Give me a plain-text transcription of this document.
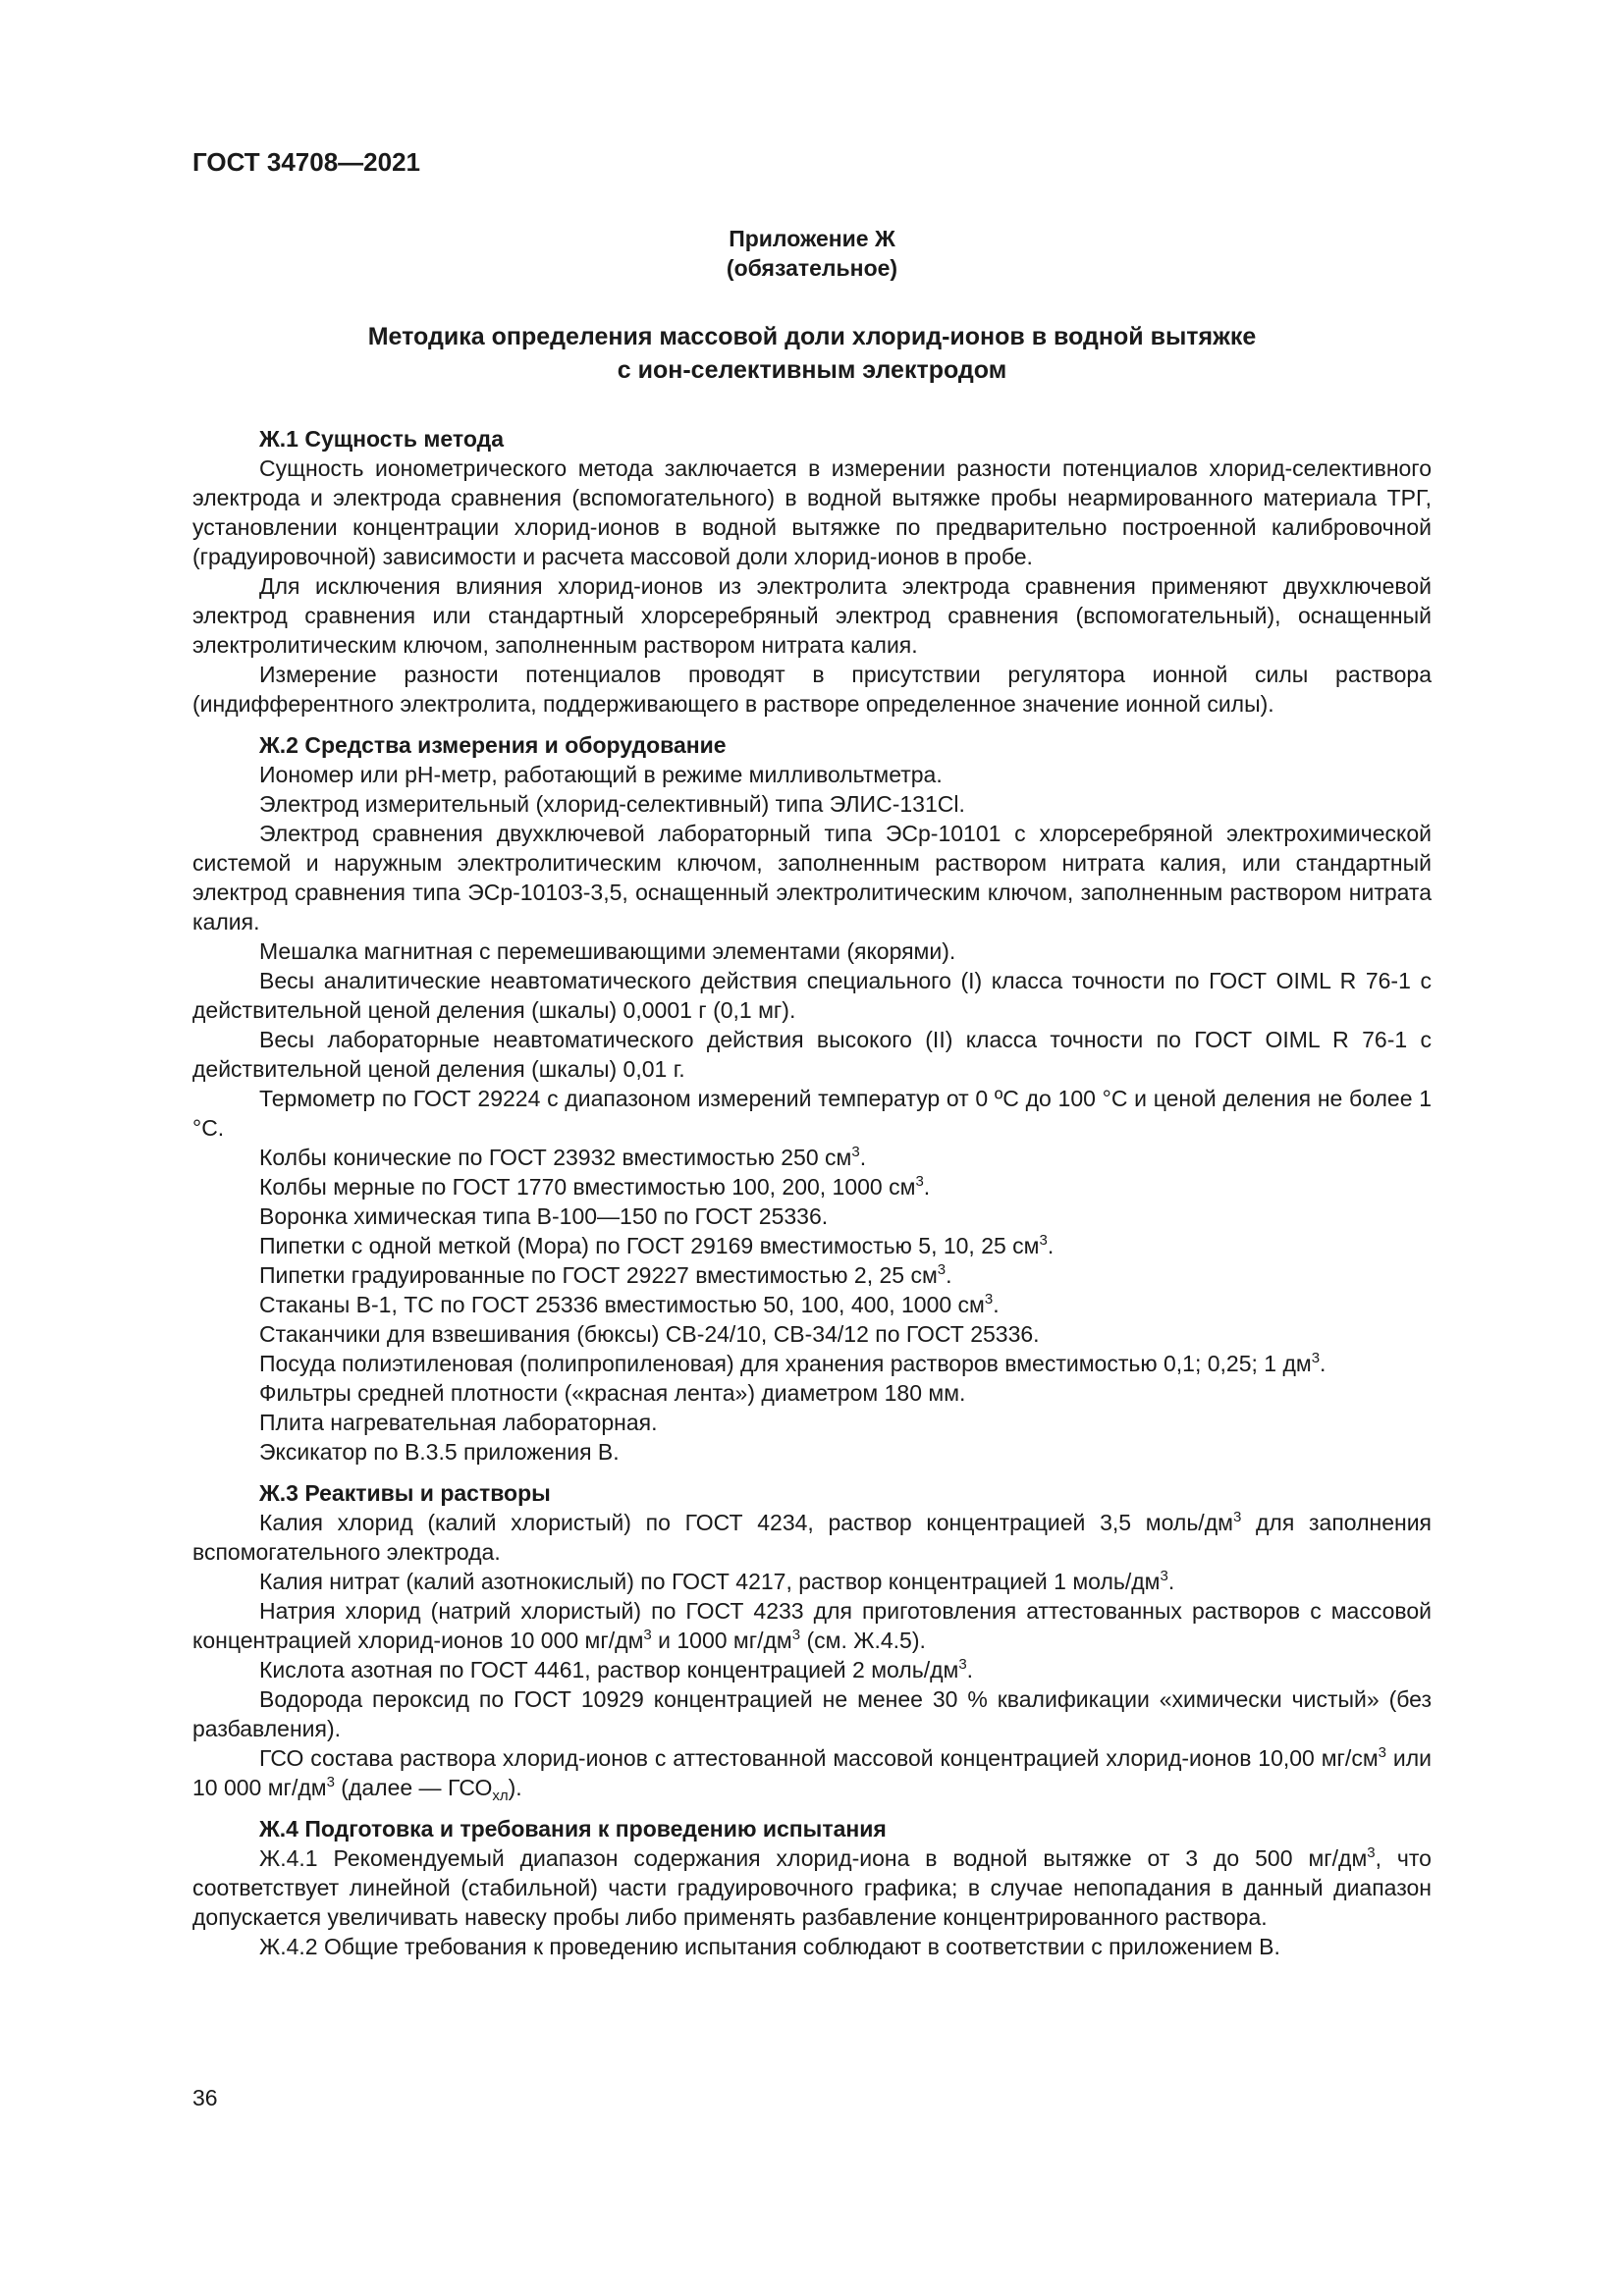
ГОСТ 34708—2021
Приложение Ж
(обязательное)
Методика определения массовой доли хлорид-ионов в водной вытяжке
с ион-селективным электродом
Ж.1 Сущность метода

Сущность ионометрического метода заключается в измерении разности потенциалов хлорид-селективного электрода и электрода сравнения (вспомогательного) в водной вытяжке пробы неармированного материала ТРГ, установлении концентрации хлорид-ионов в водной вытяжке по предварительно построенной калибровочной (градуировочной) зависимости и расчета массовой доли хлорид-ионов в пробе.

Для исключения влияния хлорид-ионов из электролита электрода сравнения применяют двухключевой электрод сравнения или стандартный хлорсеребряный электрод сравнения (вспомогательный), оснащенный электролитическим ключом, заполненным раствором нитрата калия.

Измерение разности потенциалов проводят в присутствии регулятора ионной силы раствора (индифферентного электролита, поддерживающего в растворе определенное значение ионной силы).

Ж.2 Средства измерения и оборудование

Иономер или pH-метр, работающий в режиме милливольтметра.

Электрод измерительный (хлорид-селективный) типа ЭЛИС-131Cl.

Электрод сравнения двухключевой лабораторный типа ЭСр-10101 с хлорсеребряной электрохимической системой и наружным электролитическим ключом, заполненным раствором нитрата калия, или стандартный электрод сравнения типа ЭСр-10103-3,5, оснащенный электролитическим ключом, заполненным раствором нитрата калия.

Мешалка магнитная с перемешивающими элементами (якорями).

Весы аналитические неавтоматического действия специального (I) класса точности по ГОСТ OIML R 76-1 с действительной ценой деления (шкалы) 0,0001 г (0,1 мг).

Весы лабораторные неавтоматического действия высокого (II) класса точности по ГОСТ OIML R 76-1 с действительной ценой деления (шкалы) 0,01 г.

Термометр по ГОСТ 29224 с диапазоном измерений температур от 0 ºС до 100 °С и ценой деления не более 1 °С.

Колбы конические по ГОСТ 23932 вместимостью 250 $см^3$.

Колбы мерные по ГОСТ 1770 вместимостью 100, 200, 1000 $см^3$.

Воронка химическая типа В-100—150 по ГОСТ 25336.

Пипетки с одной меткой (Мора) по ГОСТ 29169 вместимостью 5, 10, 25 $см^3$.

Пипетки градуированные по ГОСТ 29227 вместимостью 2, 25 $см^3$.

Стаканы В-1, ТС по ГОСТ 25336 вместимостью 50, 100, 400, 1000 $см^3$.

Стаканчики для взвешивания (бюксы) СВ-24/10, СВ-34/12 по ГОСТ 25336.

Посуда полиэтиленовая (полипропиленовая) для хранения растворов вместимостью 0,1; 0,25; 1 $дм^3$.

Фильтры средней плотности («красная лента») диаметром 180 мм.

Плита нагревательная лабораторная.

Эксикатор по В.3.5 приложения В.

Ж.3 Реактивы и растворы

Калия хлорид (калий хлористый) по ГОСТ 4234, раствор концентрацией 3,5 моль/$дм^3$ для заполнения вспомогательного электрода.

Калия нитрат (калий азотнокислый) по ГОСТ 4217, раствор концентрацией 1 моль/$дм^3$.

Натрия хлорид (натрий хлористый) по ГОСТ 4233 для приготовления аттестованных растворов с массовой концентрацией хлорид-ионов 10 000 $мг/дм^3$ и 1000 $мг/дм^3$ (см. Ж.4.5).

Кислота азотная по ГОСТ 4461, раствор концентрацией 2 моль/$дм^3$.

Водорода пероксид по ГОСТ 10929 концентрацией не менее 30 % квалификации «химически чистый» (без разбавления).

ГСО состава раствора хлорид-ионов с аттестованной массовой концентрацией хлорид-ионов 10,00 $мг/см^3$ или 10 000 $мг/дм^3$ (далее — $ГСО_{хл}$).

Ж.4 Подготовка и требования к проведению испытания

Ж.4.1 Рекомендуемый диапазон содержания хлорид-иона в водной вытяжке от 3 до 500 $мг/дм^3$, что соответствует линейной (стабильной) части градуировочного графика; в случае непопадания в данный диапазон допускается увеличивать навеску пробы либо применять разбавление концентрированного раствора.

Ж.4.2 Общие требования к проведению испытания соблюдают в соответствии с приложением В.

36
